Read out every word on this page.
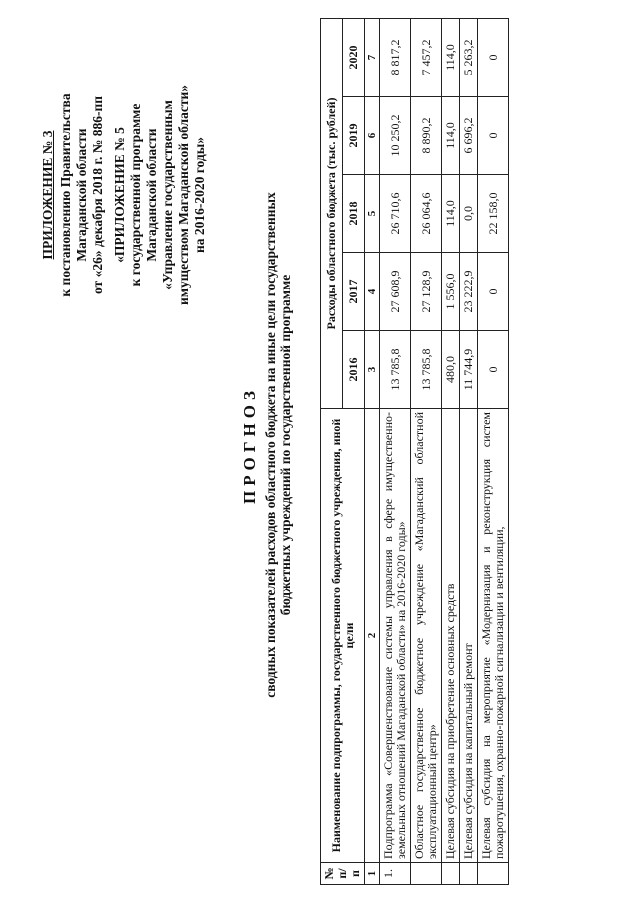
ПРИЛОЖЕНИЕ № 3 к постановлению Правительства Магаданской области от «26» декабря 2018 г. № 886-пп «ПРИЛОЖЕНИЕ № 5 к государственной программе Магаданской области «Управление государственным имуществом Магаданской области» на 2016-2020 годы»
ПРОГНОЗ сводных показателей расходов областного бюджета на иные цели государственных бюджетных учреждений по государственной программе
№ п/п	Наименование подпрограммы, государственного бюджетного учреждения, иной цели	Расходы областного бюджета (тыс. рублей)				
		2016	2017	2018	2019	2020
1	2	3	4	5	6	7
1.	Подпрограмма «Совершенствование системы управления в сфере имущественно-земельных отношений Магаданской области» на 2016-2020 годы»	13 785,8	27 608,9	26 710,6	10 250,2	8 817,2
	Областное государственное бюджетное учреждение «Магаданский областной эксплуатационный центр»	13 785,8	27 128,9	26 064,6	8 890,2	7 457,2
	Целевая субсидия на приобретение основных средств	480,0	1 556,0	114,0	114,0	114,0
	Целевая субсидия на капитальный ремонт	11 744,9	23 222,9	0,0	6 696,2	5 263,2
	Целевая субсидия на мероприятие «Модернизация и реконструкция систем пожаротушения, охранно-пожарной сигнализации и вентиляции,	0	0	22 158,0	0	0
